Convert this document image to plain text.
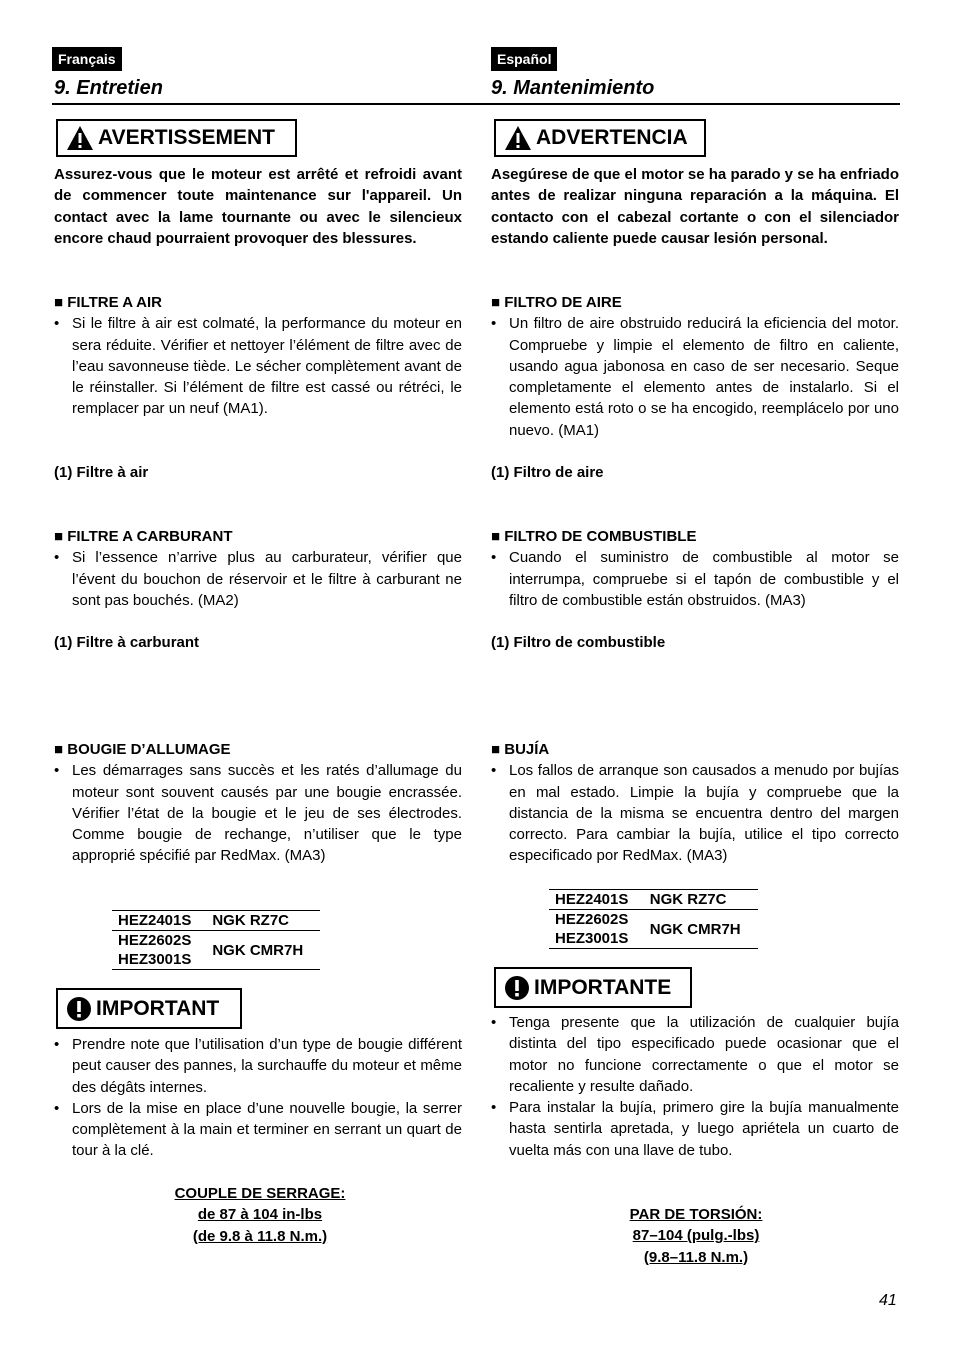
Français
9. Entretien
AVERTISSEMENT
Assurez-vous que le moteur est arrêté et refroidi avant de commencer toute maintenance sur l'appareil. Un contact avec la lame tournante ou avec le silencieux encore chaud pourraient provoquer des blessures.
■ FILTRE A AIR
• Si le filtre à air est colmaté, la performance du moteur en sera réduite. Vérifier et nettoyer l’élément de filtre avec de l’eau savonneuse tiède. Le sécher complètement avant de le réinstaller. Si l’élément de filtre est cassé ou rétréci, le remplacer par un neuf (MA1).
(1) Filtre à air
■ FILTRE A CARBURANT
• Si l’essence n’arrive plus au carburateur, vérifier que l’évent du bouchon de réservoir et le filtre à carburant ne sont pas bouchés. (MA2)
(1) Filtre à carburant
■ BOUGIE D’ALLUMAGE
• Les démarrages sans succès et les ratés d’allumage du moteur sont souvent causés par une bougie encrassée. Vérifier l’état de la bougie et le jeu de ses électrodes. Comme bougie de rechange, n’utiliser que le type approprié spécifié par RedMax. (MA3)
HEZ2401S	NGK RZ7C

HEZ2602S
HEZ3001S	NGK CMR7H
IMPORTANT
• Prendre note que l’utilisation d’un type de bougie différent peut causer des pannes, la surchauffe du moteur et même des dégâts internes.
• Lors de la mise en place d’une nouvelle bougie, la serrer complètement à la main et terminer en serrant un quart de tour à la clé.
COUPLE DE SERRAGE:
de 87 à 104 in-lbs
(de 9.8 à 11.8 N.m.)
Español
9. Mantenimiento
ADVERTENCIA
Asegúrese de que el motor se ha parado y se ha enfriado antes de realizar ninguna reparación a la máquina. El contacto con el cabezal cortante o con el silenciador estando caliente puede causar lesión personal.
■ FILTRO DE AIRE
• Un filtro de aire obstruido reducirá la eficiencia del motor. Compruebe y limpie el elemento de filtro en caliente, usando agua jabonosa en caso de ser necesario. Seque completamente el elemento antes de instalarlo. Si el elemento está roto o se ha encogido, reemplácelo por uno nuevo. (MA1)
(1) Filtro de aire
■ FILTRO DE COMBUSTIBLE
• Cuando el suministro de combustible al motor se interrumpa, compruebe si el tapón de combustible y el filtro de combustible están obstruidos. (MA3)
(1) Filtro de combustible
■ BUJÍA
• Los fallos de arranque son causados a menudo por bujías en mal estado. Limpie la bujía y compruebe que la distancia de la misma se encuentra dentro del margen correcto. Para cambiar la bujía, utilice el tipo correcto especificado por RedMax. (MA3)
HEZ2401S	NGK RZ7C

HEZ2602S
HEZ3001S	NGK CMR7H
IMPORTANTE
• Tenga presente que la utilización de cualquier bujía distinta del tipo especificado puede ocasionar que el motor no funcione correctamente o que el motor se recaliente y resulte dañado.
• Para instalar la bujía, primero gire la bujía manualmente hasta sentirla apretada, y luego apriétela un cuarto de vuelta más con una llave de tubo.
PAR DE TORSIÓN:
87–104 (pulg.-lbs)
(9.8–11.8 N.m.)
41
